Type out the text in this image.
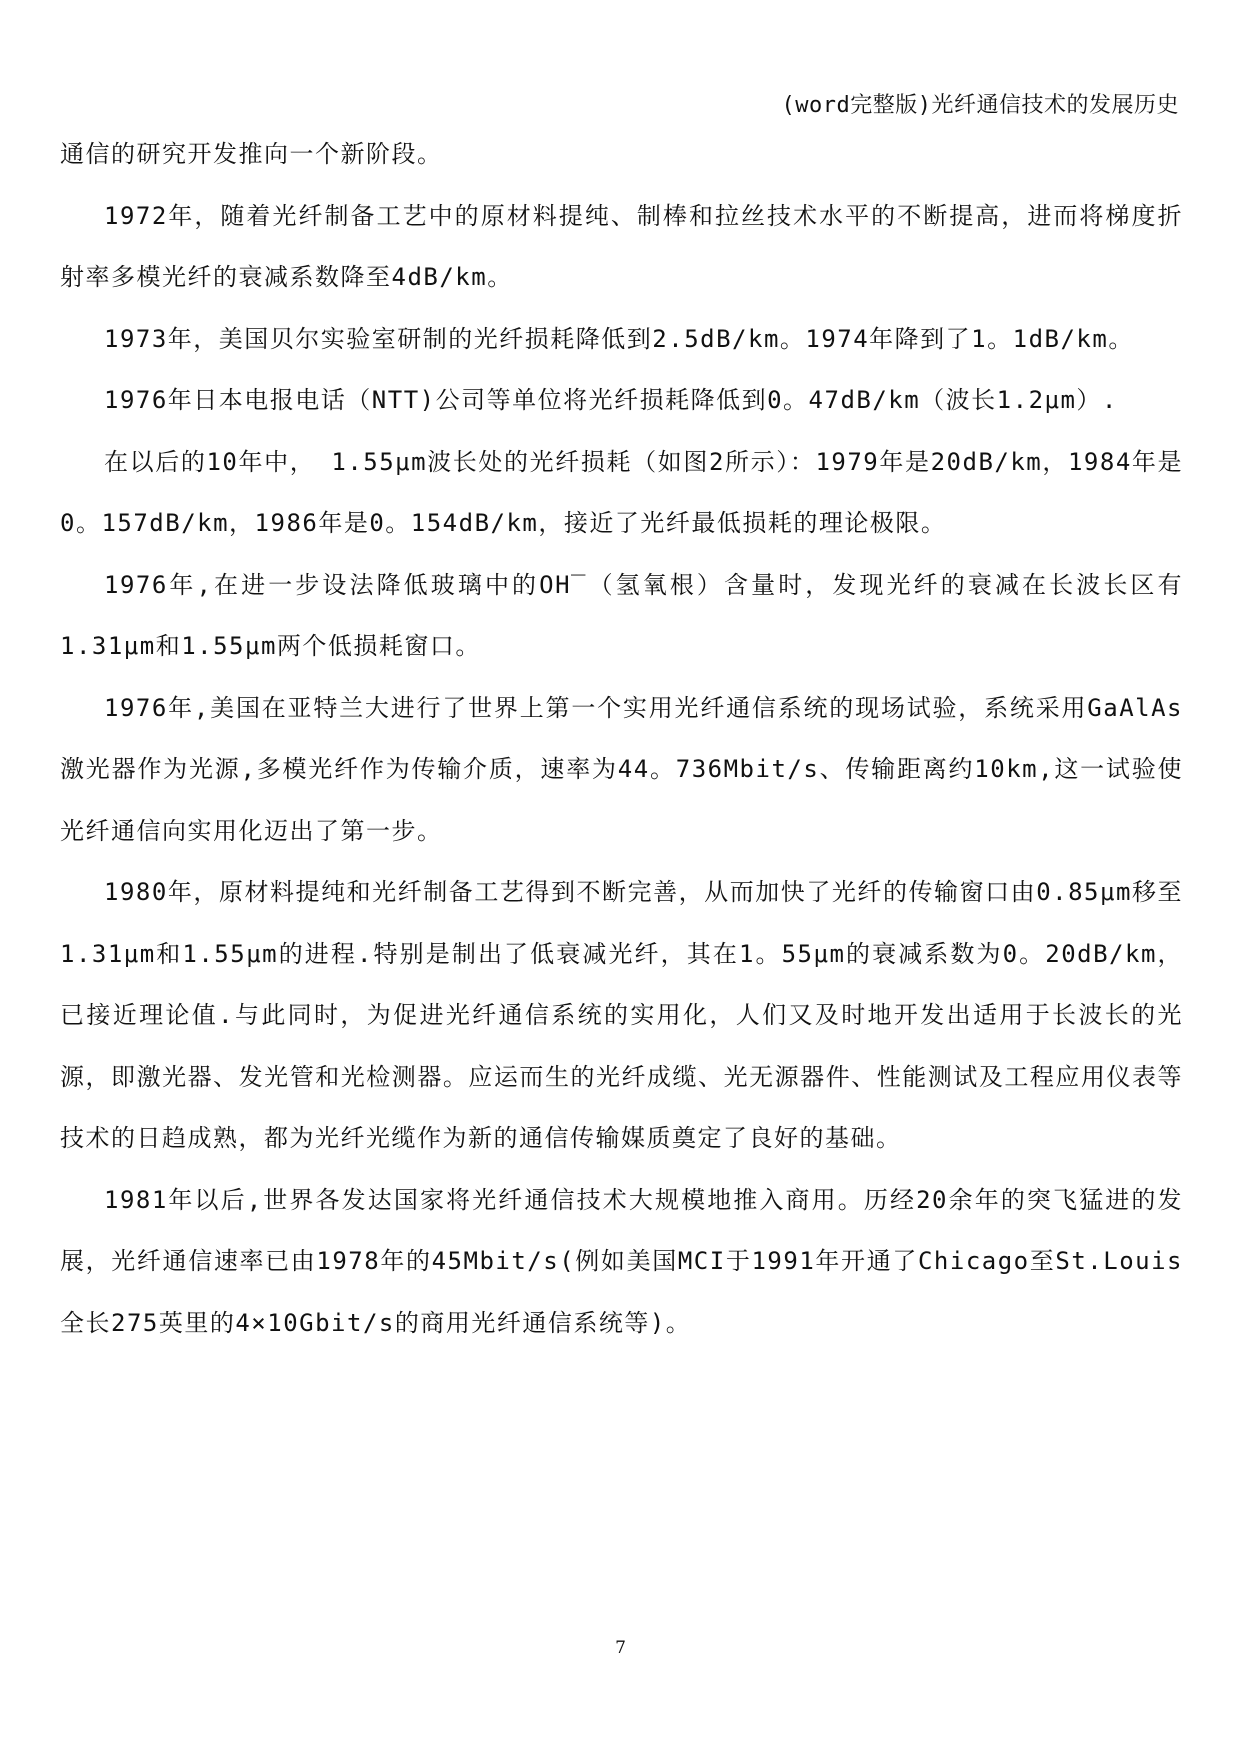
(word完整版)光纤通信技术的发展历史

通信的研究开发推向一个新阶段。

1972年，随着光纤制备工艺中的原材料提纯、制棒和拉丝技术水平的不断提高，进而将梯度折射率多模光纤的衰减系数降至4dB/km。

1973年，美国贝尔实验室研制的光纤损耗降低到2.5dB/km。1974年降到了1。1dB/km。

1976年日本电报电话（NTT)公司等单位将光纤损耗降低到0。47dB/km（波长1.2μm）.

在以后的10年中， 1.55μm波长处的光纤损耗（如图2所示）：1979年是20dB/km，1984年是0。157dB/km，1986年是0。154dB/km，接近了光纤最低损耗的理论极限。

1976年,在进一步设法降低玻璃中的OH‾（氢氧根）含量时，发现光纤的衰减在长波长区有1.31μm和1.55μm两个低损耗窗口。

1976年,美国在亚特兰大进行了世界上第一个实用光纤通信系统的现场试验，系统采用GaAlAs激光器作为光源,多模光纤作为传输介质，速率为44。736Mbit/s、传输距离约10km,这一试验使光纤通信向实用化迈出了第一步。

1980年，原材料提纯和光纤制备工艺得到不断完善，从而加快了光纤的传输窗口由0.85μm移至1.31μm和1.55μm的进程.特别是制出了低衰减光纤，其在1。55μm的衰减系数为0。20dB/km，已接近理论值.与此同时，为促进光纤通信系统的实用化，人们又及时地开发出适用于长波长的光源，即激光器、发光管和光检测器。应运而生的光纤成缆、光无源器件、性能测试及工程应用仪表等技术的日趋成熟，都为光纤光缆作为新的通信传输媒质奠定了良好的基础。

1981年以后,世界各发达国家将光纤通信技术大规模地推入商用。历经20余年的突飞猛进的发展，光纤通信速率已由1978年的45Mbit/s(例如美国MCI于1991年开通了Chicago至St.Louis全长275英里的4×10Gbit/s的商用光纤通信系统等)。

7
